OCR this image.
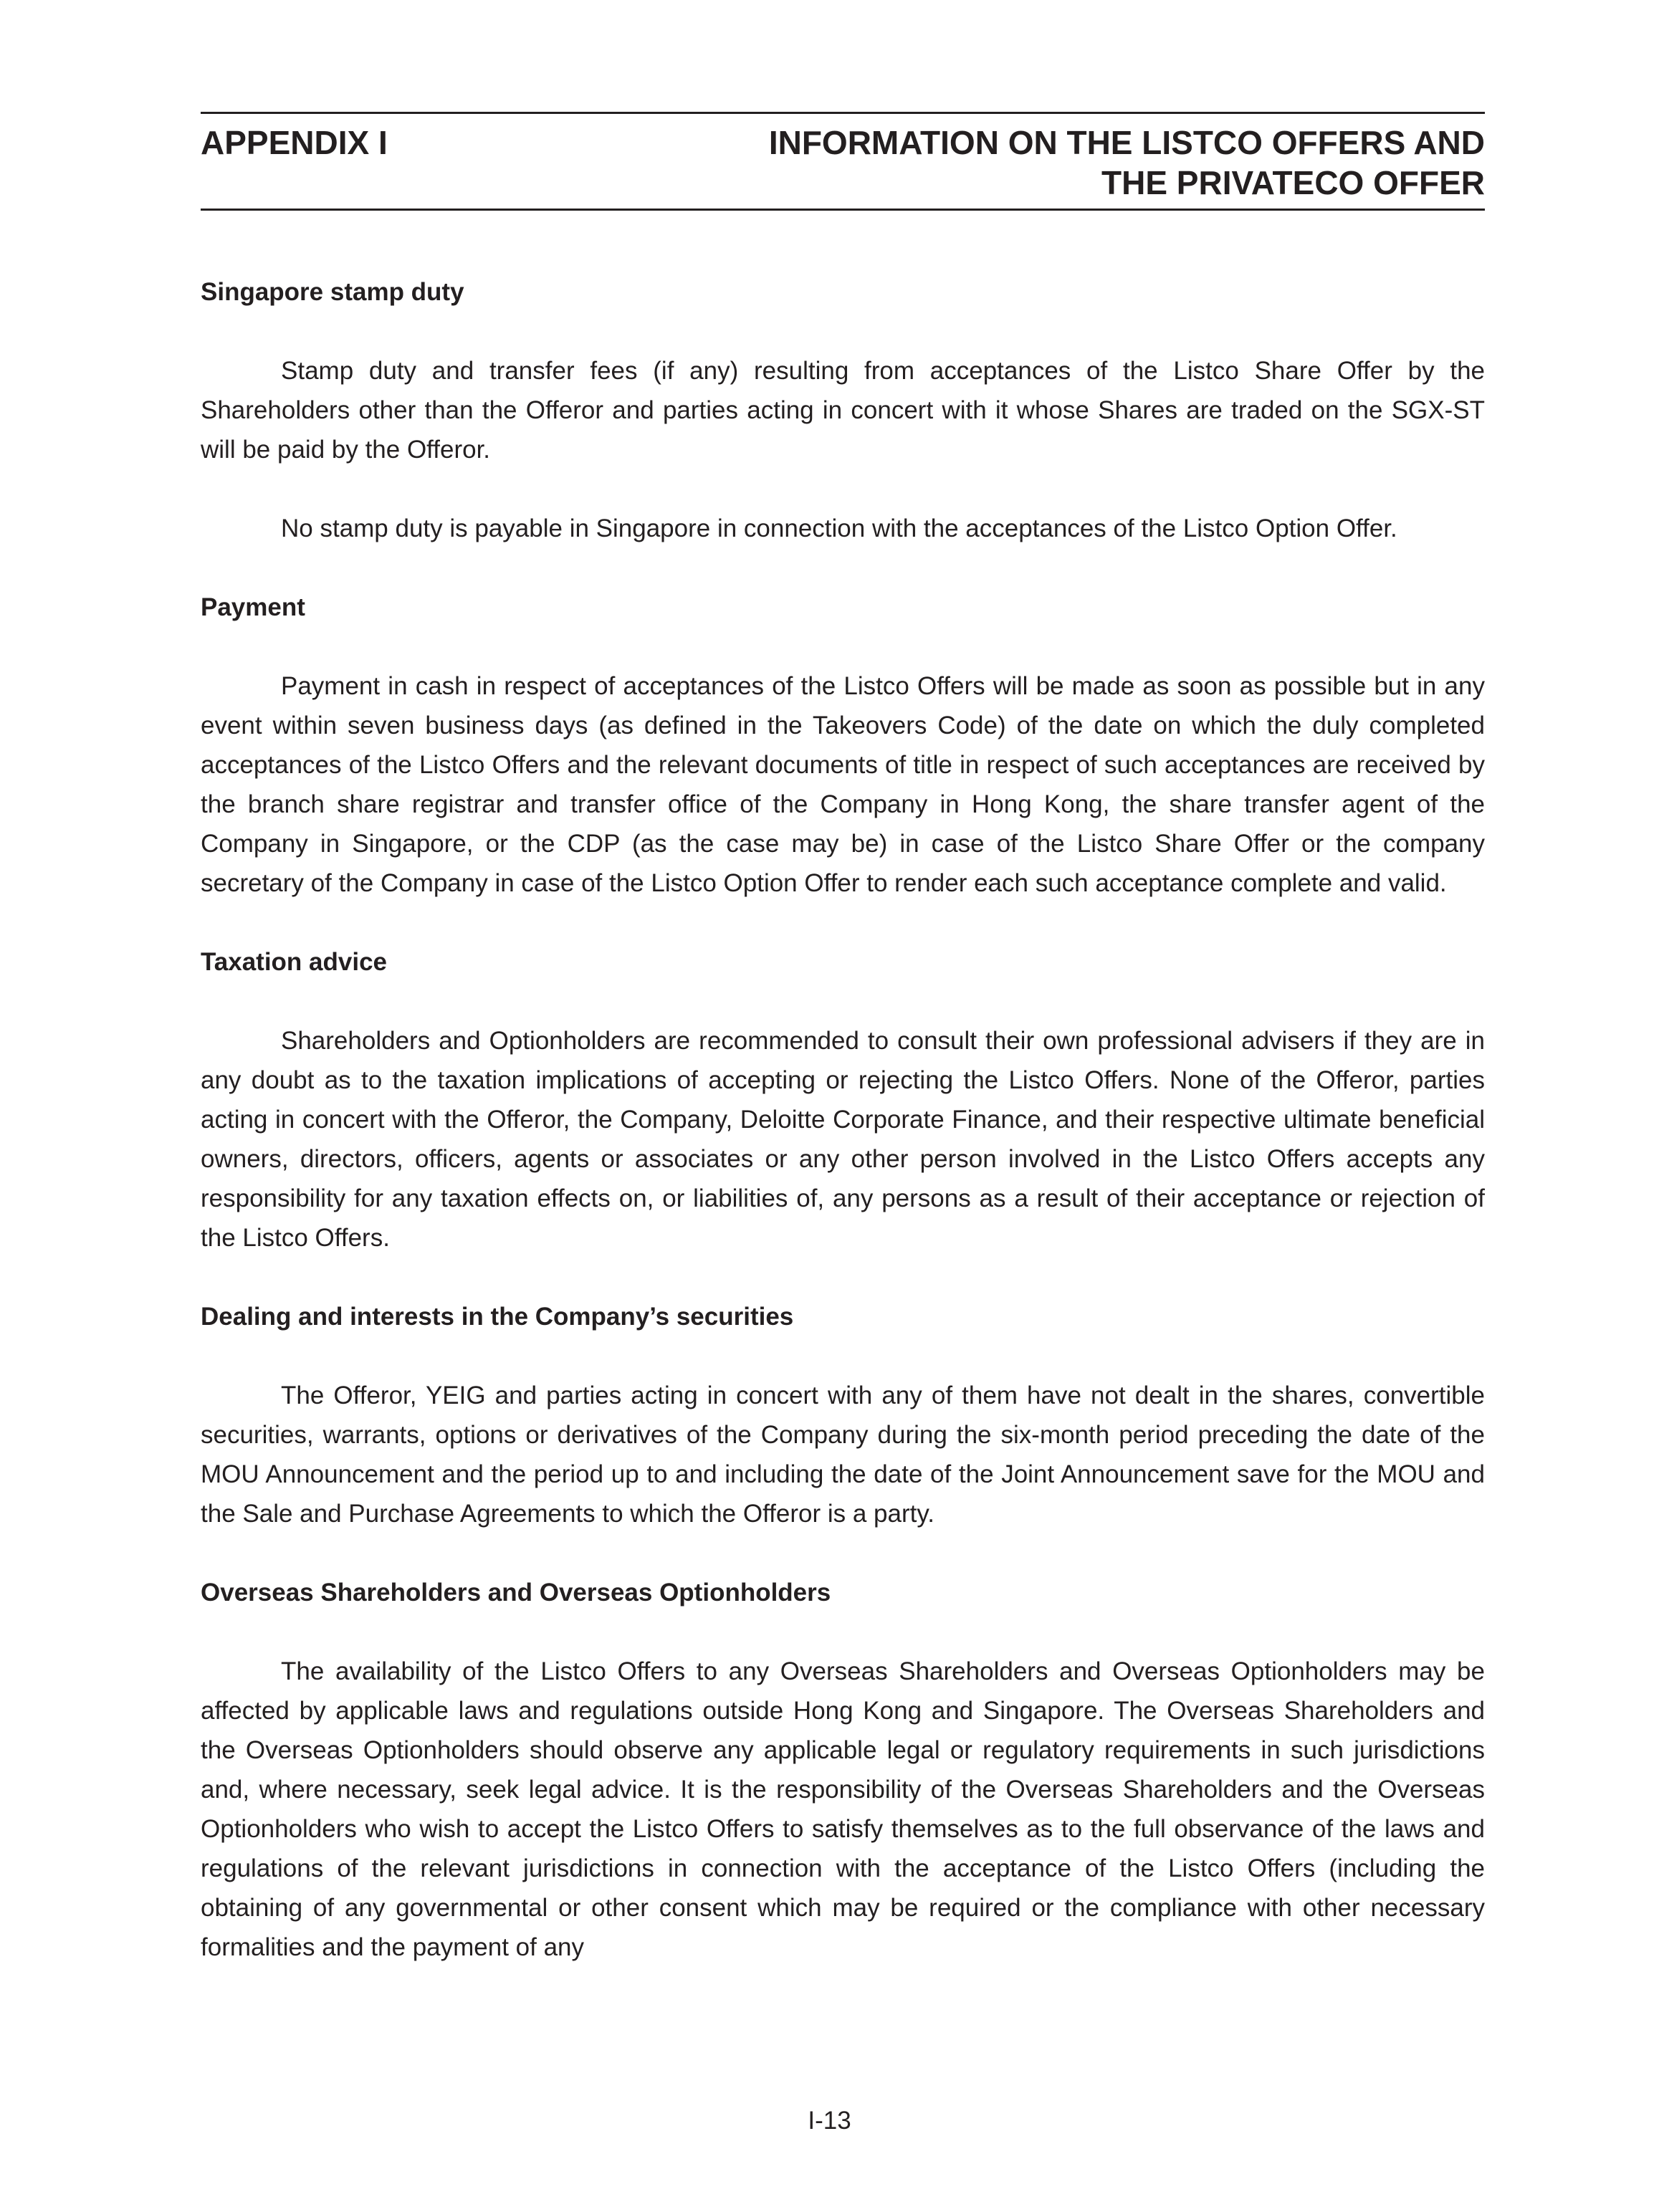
APPENDIX I	INFORMATION ON THE LISTCO OFFERS AND
THE PRIVATECO OFFER
Singapore stamp duty

Stamp duty and transfer fees (if any) resulting from acceptances of the Listco Share Offer by the Shareholders other than the Offeror and parties acting in concert with it whose Shares are traded on the SGX-ST will be paid by the Offeror.

No stamp duty is payable in Singapore in connection with the acceptances of the Listco Option Offer.

Payment

Payment in cash in respect of acceptances of the Listco Offers will be made as soon as possible but in any event within seven business days (as defined in the Takeovers Code) of the date on which the duly completed acceptances of the Listco Offers and the relevant documents of title in respect of such acceptances are received by the branch share registrar and transfer office of the Company in Hong Kong, the share transfer agent of the Company in Singapore, or the CDP (as the case may be) in case of the Listco Share Offer or the company secretary of the Company in case of the Listco Option Offer to render each such acceptance complete and valid.

Taxation advice

Shareholders and Optionholders are recommended to consult their own professional advisers if they are in any doubt as to the taxation implications of accepting or rejecting the Listco Offers. None of the Offeror, parties acting in concert with the Offeror, the Company, Deloitte Corporate Finance, and their respective ultimate beneficial owners, directors, officers, agents or associates or any other person involved in the Listco Offers accepts any responsibility for any taxation effects on, or liabilities of, any persons as a result of their acceptance or rejection of the Listco Offers.

Dealing and interests in the Company’s securities

The Offeror, YEIG and parties acting in concert with any of them have not dealt in the shares, convertible securities, warrants, options or derivatives of the Company during the six-month period preceding the date of the MOU Announcement and the period up to and including the date of the Joint Announcement save for the MOU and the Sale and Purchase Agreements to which the Offeror is a party.

Overseas Shareholders and Overseas Optionholders

The availability of the Listco Offers to any Overseas Shareholders and Overseas Optionholders may be affected by applicable laws and regulations outside Hong Kong and Singapore. The Overseas Shareholders and the Overseas Optionholders should observe any applicable legal or regulatory requirements in such jurisdictions and, where necessary, seek legal advice. It is the responsibility of the Overseas Shareholders and the Overseas Optionholders who wish to accept the Listco Offers to satisfy themselves as to the full observance of the laws and regulations of the relevant jurisdictions in connection with the acceptance of the Listco Offers (including the obtaining of any governmental or other consent which may be required or the compliance with other necessary formalities and the payment of any

I-13
